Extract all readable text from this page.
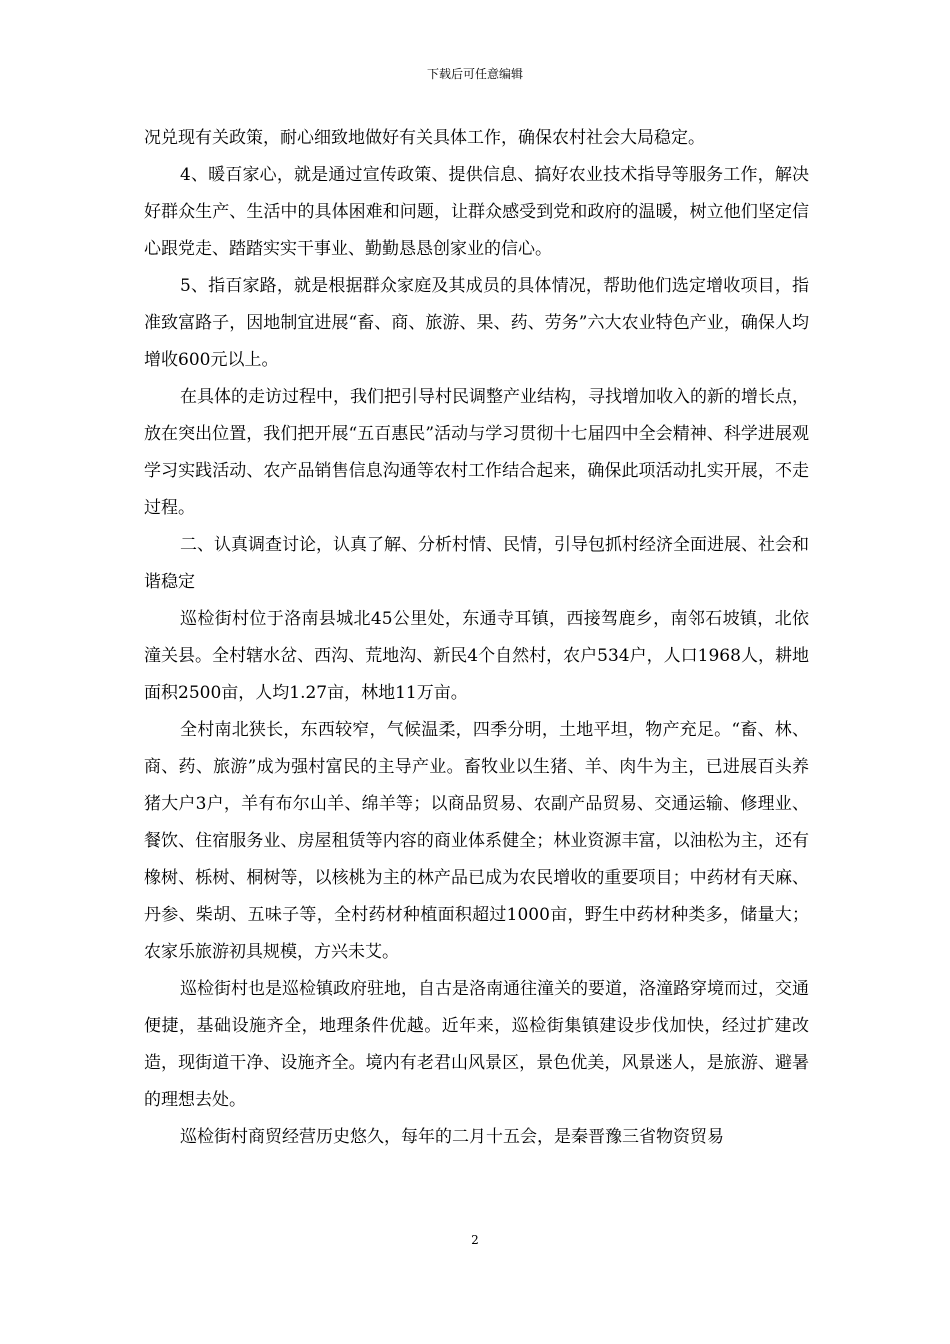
下载后可任意编辑

况兑现有关政策，耐心细致地做好有关具体工作，确保农村社会大局稳定。

4、暖百家心，就是通过宣传政策、提供信息、搞好农业技术指导等服务工作，解决好群众生产、生活中的具体困难和问题，让群众感受到党和政府的温暖，树立他们坚定信心跟党走、踏踏实实干事业、勤勤恳恳创家业的信心。

5、指百家路，就是根据群众家庭及其成员的具体情况，帮助他们选定增收项目，指准致富路子，因地制宜进展“畜、商、旅游、果、药、劳务”六大农业特色产业，确保人均增收600元以上。

在具体的走访过程中，我们把引导村民调整产业结构，寻找增加收入的新的增长点，放在突出位置，我们把开展“五百惠民”活动与学习贯彻十七届四中全会精神、科学进展观学习实践活动、农产品销售信息沟通等农村工作结合起来，确保此项活动扎实开展，不走过程。

二、认真调查讨论，认真了解、分析村情、民情，引导包抓村经济全面进展、社会和谐稳定

巡检街村位于洛南县城北45公里处，东通寺耳镇，西接驾鹿乡，南邻石坡镇，北依潼关县。全村辖水岔、西沟、荒地沟、新民4个自然村，农户534户，人口1968人，耕地面积2500亩，人均1.27亩，林地11万亩。

全村南北狭长，东西较窄，气候温柔，四季分明，土地平坦，物产充足。“畜、林、商、药、旅游”成为强村富民的主导产业。畜牧业以生猪、羊、肉牛为主，已进展百头养猪大户3户，羊有布尔山羊、绵羊等；以商品贸易、农副产品贸易、交通运输、修理业、餐饮、住宿服务业、房屋租赁等内容的商业体系健全；林业资源丰富，以油松为主，还有橡树、栎树、桐树等，以核桃为主的林产品已成为农民增收的重要项目；中药材有天麻、丹参、柴胡、五味子等，全村药材种植面积超过1000亩，野生中药材种类多，储量大；农家乐旅游初具规模，方兴未艾。

巡检街村也是巡检镇政府驻地，自古是洛南通往潼关的要道，洛潼路穿境而过，交通便捷，基础设施齐全，地理条件优越。近年来，巡检街集镇建设步伐加快，经过扩建改造，现街道干净、设施齐全。境内有老君山风景区，景色优美，风景迷人，是旅游、避暑的理想去处。

巡检街村商贸经营历史悠久，每年的二月十五会，是秦晋豫三省物资贸易

2
